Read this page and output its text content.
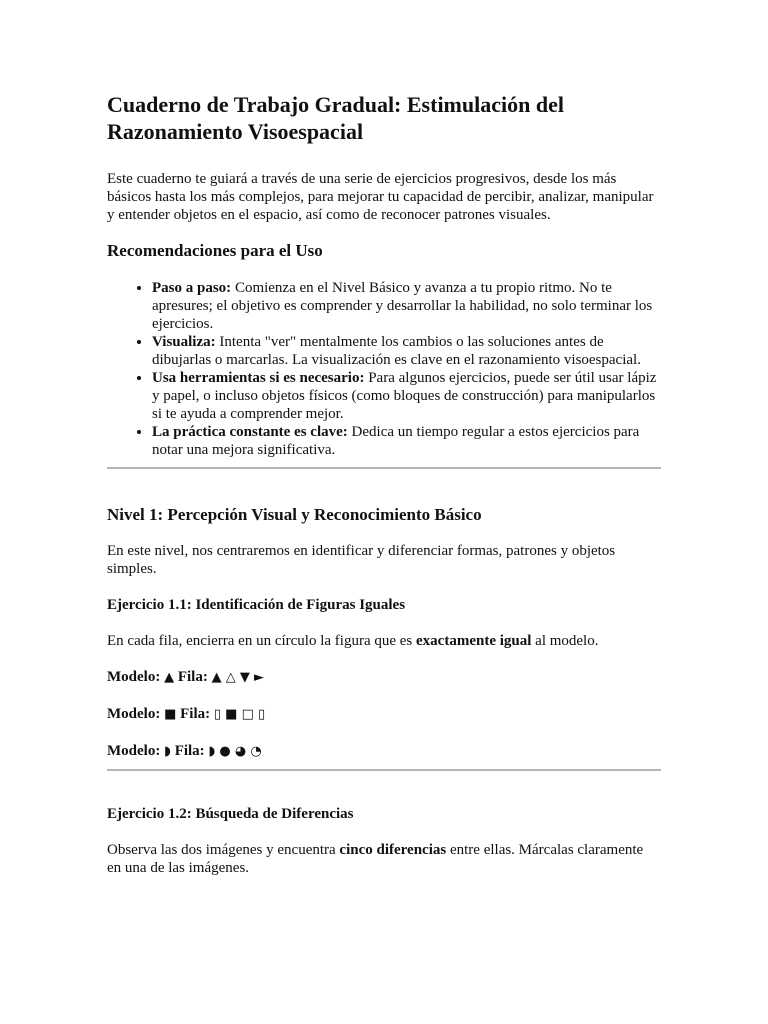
Cuaderno de Trabajo Gradual: Estimulación del Razonamiento Visoespacial

Este cuaderno te guiará a través de una serie de ejercicios progresivos, desde los más básicos hasta los más complejos, para mejorar tu capacidad de percibir, analizar, manipular y entender objetos en el espacio, así como de reconocer patrones visuales.

Recomendaciones para el Uso
• Paso a paso: Comienza en el Nivel Básico y avanza a tu propio ritmo. No te apresures; el objetivo es comprender y desarrollar la habilidad, no solo terminar los ejercicios.
• Visualiza: Intenta "ver" mentalmente los cambios o las soluciones antes de dibujarlas o marcarlas. La visualización es clave en el razonamiento visoespacial.
• Usa herramientas si es necesario: Para algunos ejercicios, puede ser útil usar lápiz y papel, o incluso objetos físicos (como bloques de construcción) para manipularlos si te ayuda a comprender mejor.
• La práctica constante es clave: Dedica un tiempo regular a estos ejercicios para notar una mejora significativa.
Nivel 1: Percepción Visual y Reconocimiento Básico

En este nivel, nos centraremos en identificar y diferenciar formas, patrones y objetos simples.

Ejercicio 1.1: Identificación de Figuras Iguales

En cada fila, encierra en un círculo la figura que es exactamente igual al modelo.

Modelo: ▲ Fila: ▲ △ ▼ ►

Modelo: ■ Fila: ▯ ■ □ ▯

Modelo: ◗ Fila: ◗ ● ◕ ◔

Ejercicio 1.2: Búsqueda de Diferencias

Observa las dos imágenes y encuentra cinco diferencias entre ellas. Márcalas claramente en una de las imágenes.
